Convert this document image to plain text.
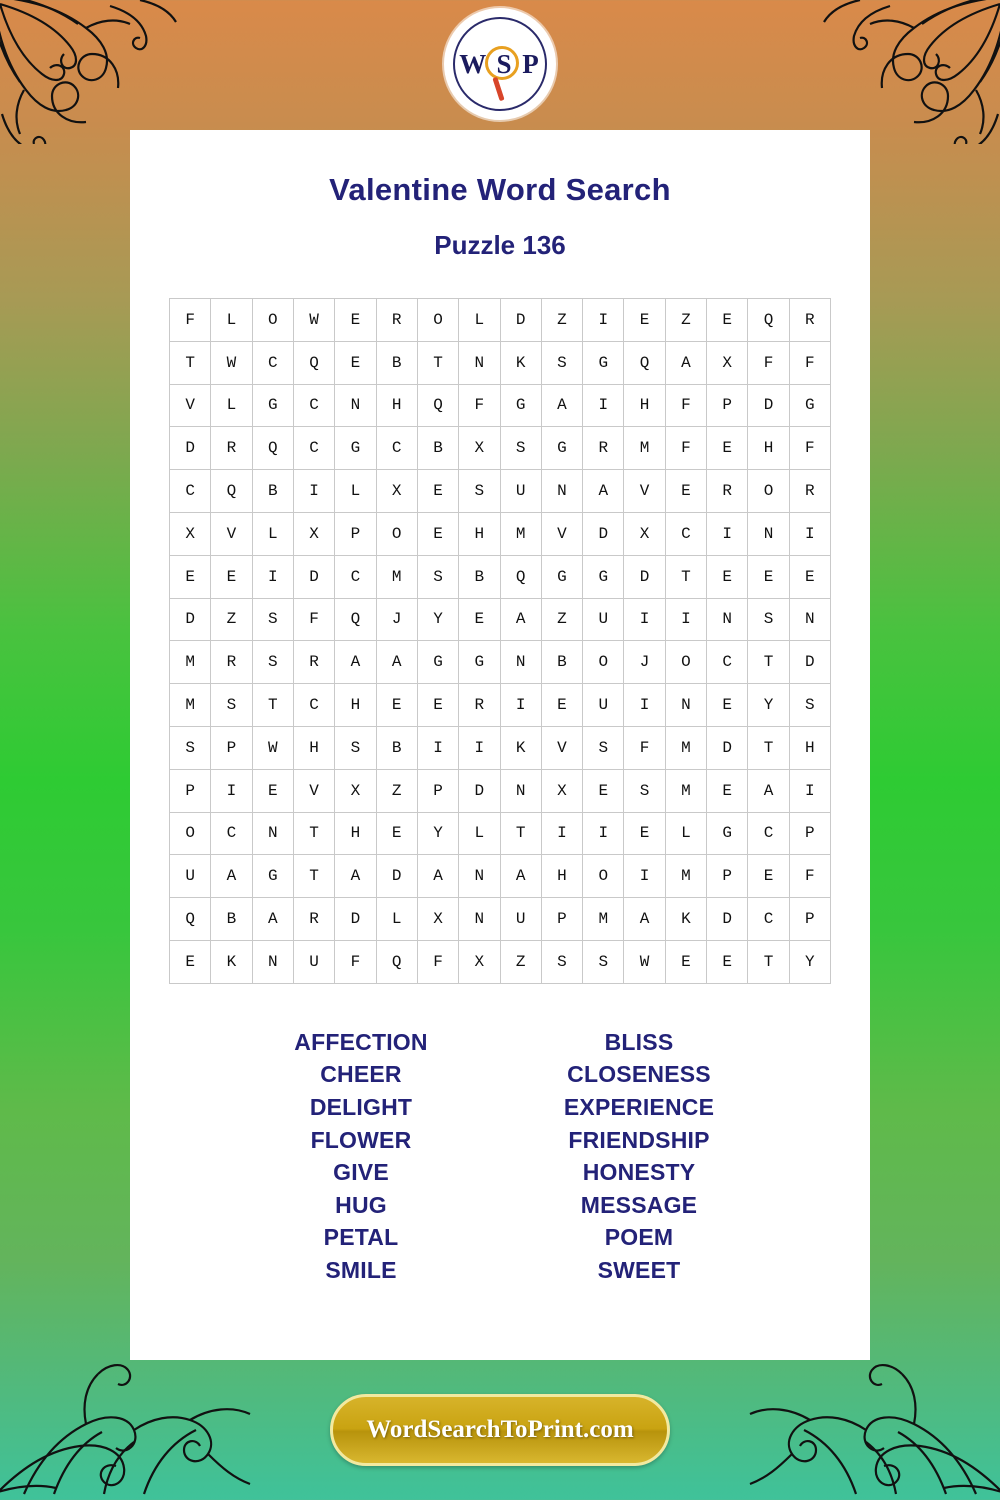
W S P
Valentine Word Search
Puzzle 136
F	L	O	W	E	R	O	L	D	Z	I	E	Z	E	Q	R
T	W	C	Q	E	B	T	N	K	S	G	Q	A	X	F	F
V	L	G	C	N	H	Q	F	G	A	I	H	F	P	D	G
D	R	Q	C	G	C	B	X	S	G	R	M	F	E	H	F
C	Q	B	I	L	X	E	S	U	N	A	V	E	R	O	R
X	V	L	X	P	O	E	H	M	V	D	X	C	I	N	I
E	E	I	D	C	M	S	B	Q	G	G	D	T	E	E	E
D	Z	S	F	Q	J	Y	E	A	Z	U	I	I	N	S	N
M	R	S	R	A	A	G	G	N	B	O	J	O	C	T	D
M	S	T	C	H	E	E	R	I	E	U	I	N	E	Y	S
S	P	W	H	S	B	I	I	K	V	S	F	M	D	T	H
P	I	E	V	X	Z	P	D	N	X	E	S	M	E	A	I
O	C	N	T	H	E	Y	L	T	I	I	E	L	G	C	P
U	A	G	T	A	D	A	N	A	H	O	I	M	P	E	F
Q	B	A	R	D	L	X	N	U	P	M	A	K	D	C	P
E	K	N	U	F	Q	F	X	Z	S	S	W	E	E	T	Y
AFFECTION
CHEER
DELIGHT
FLOWER
GIVE
HUG
PETAL
SMILE
BLISS
CLOSENESS
EXPERIENCE
FRIENDSHIP
HONESTY
MESSAGE
POEM
SWEET
WordSearchToPrint.com
